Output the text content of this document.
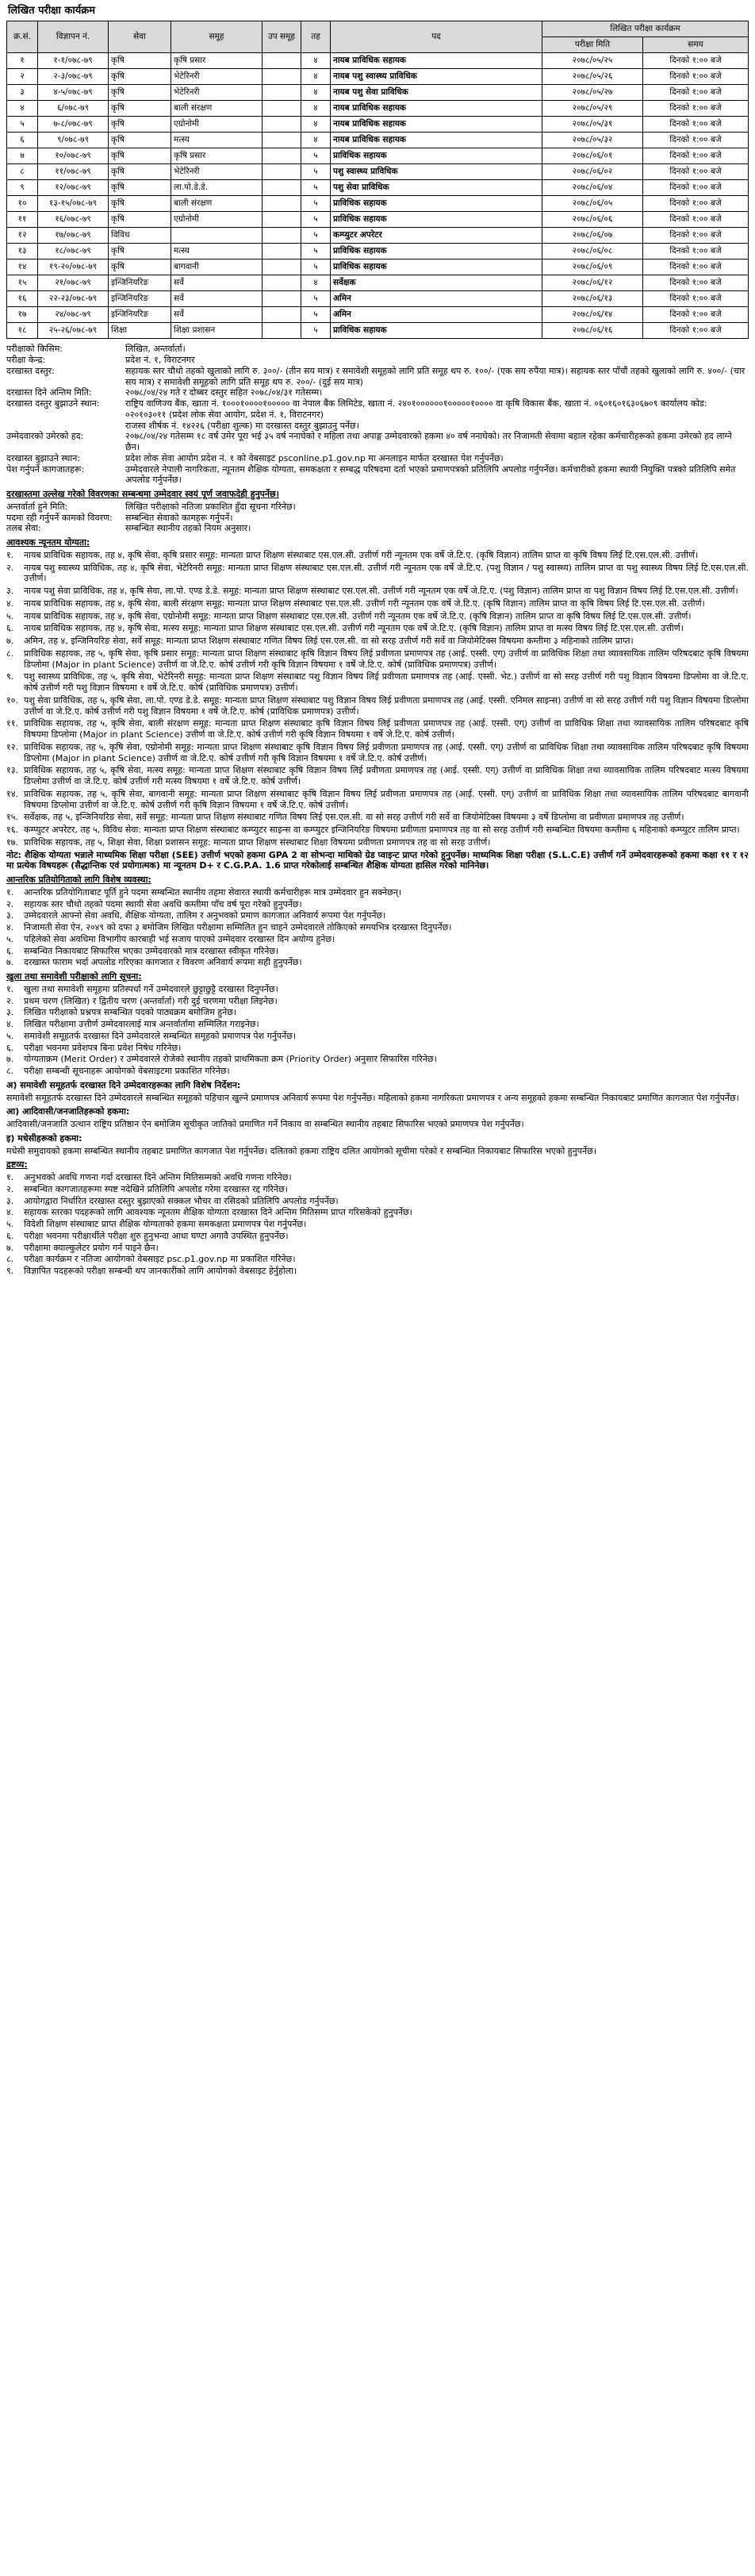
लिखित परीक्षा कार्यक्रम
क्र.सं.	विज्ञापन नं.	सेवा	समूह	उप समूह	तह	पद	लिखित परीक्षा कार्यक्रम	
							परीक्षा मिति	समय
१	१-१/०७८-७९	कृषि	कृषि प्रसार		४	नायब प्राविधिक सहायक	२०७८/०५/२५	दिनको १:०० बजे
२	२-३/०७८-७९	कृषि	भेटेरिनरी		४	नायब पशु स्वास्थ्य प्राविधिक	२०७८/०५/२६	दिनको १:०० बजे
३	४-५/०७८-७९	कृषि	भेटेरिनरी		४	नायब पशु सेवा प्राविधिक	२०७८/०५/२७	दिनको १:०० बजे
४	६/०७८-७९	कृषि	बाली संरक्षण		४	नायब प्राविधिक सहायक	२०७८/०५/२९	दिनको १:०० बजे
५	७-८/०७८-७९	कृषि	एग्रोनोमी		४	नायब प्राविधिक सहायक	२०७८/०५/३१	दिनको १:०० बजे
६	९/०७८-७९	कृषि	मत्स्य		४	नायब प्राविधिक सहायक	२०७८/०५/३२	दिनको १:०० बजे
७	१०/०७८-७९	कृषि	कृषि प्रसार		५	प्राविधिक सहायक	२०७८/०६/०१	दिनको १:०० बजे
८	११/०७८-७९	कृषि	भेटेरिनरी		५	पशु स्वास्थ्य प्राविधिक	२०७८/०६/०२	दिनको १:०० बजे
९	१२/०७८-७९	कृषि	ला.पो.डे.डे.		५	पशु सेवा प्राविधिक	२०७८/०६/०४	दिनको १:०० बजे
१०	१३-१५/०७८-७९	कृषि	बाली संरक्षण		५	प्राविधिक सहायक	२०७८/०६/०५	दिनको १:०० बजे
११	१६/०७८-७९	कृषि	एग्रोनोमी		५	प्राविधिक सहायक	२०७८/०६/०६	दिनको १:०० बजे
१२	१७/०७८-७९	विविध			५	कम्प्युटर अपरेटर	२०७८/०६/०७	दिनको १:०० बजे
१३	१८/०७८-७९	कृषि	मत्स्य		५	प्राविधिक सहायक	२०७८/०६/०८	दिनको १:०० बजे
१४	१९-२०/०७८-७९	कृषि	बागवानी		५	प्राविधिक सहायक	२०७८/०६/०९	दिनको १:०० बजे
१५	२१/०७८-७९	इन्जिनियरिङ	सर्वे		४	सर्वेक्षक	२०७८/०६/१२	दिनको १:०० बजे
१६	२२-२३/०७८-७९	इन्जिनियरिङ	सर्वे		५	अमिन	२०७८/०६/१३	दिनको १:०० बजे
१७	२४/०७८-७९	इन्जिनियरिङ	सर्वे		५	अमिन	२०७८/०६/१४	दिनको १:०० बजे
१८	२५-२६/०७८-७९	शिक्षा	शिक्षा प्रशासन		५	प्राविधिक सहायक	२०७८/०६/१६	दिनको १:०० बजे
परीक्षाको किसिम:	लिखित, अन्तर्वार्ता।
परीक्षा केन्द्र:	प्रदेश नं. १, विराटनगर
दरखास्त दस्तुर:	सहायक स्तर चौथो तहको खुलाको लागि रु. ३००/- (तीन सय मात्र) र समावेशी समूहको लागि प्रति समूह थप रु. १००/- (एक सय रुपैया मात्र)। सहायक स्तर पाँचौं तहको खुलाको लागि रु. ४००/- (चार सय मात्र) र समावेशी समूहको लागि प्रति समूह थप रु. २००/- (दुई सय मात्र)
दरखास्त दिने अन्तिम मिति:	२०७८/०४/२४ गते र दोब्बर दस्तुर सहित २०७८/०४/३१ गतेसम्म।
दरखास्त दस्तुर बुझाउने स्थान:	राष्ट्रिय वाणिज्य बैंक, खाता नं. १०००१००००१००००० वा नेपाल बैंक लिमिटेड, खाता नं. २४०१००००००१०००००१०००० वा कृषि विकास बैंक, खाता नं. ०६०१६०१६३०६७०९ कार्यालय कोड: ०२०१०३०११ (प्रदेश लोक सेवा आयोग, प्रदेश नं. १, विराटनगर)
राजस्व शीर्षक नं. १४२२६ (परीक्षा शुल्क) मा दरखास्त दस्तुर बुझाउनु पर्नेछ।
उम्मेदवारको उमेरको हद:	२०७८/०४/२४ गतेसम्म १८ वर्ष उमेर पूरा भई ३५ वर्ष ननाघेको र महिला तथा अपाङ्ग उम्मेदवारको हकमा ४० वर्ष ननाघेको। तर निजामती सेवामा बहाल रहेका कर्मचारीहरूको हकमा उमेरको हद लाग्ने छैन।
दरखास्त बुझाउने स्थान:	प्रदेश लोक सेवा आयोग प्रदेश नं. १ को वेबसाइट psconline.p1.gov.np मा अनलाइन मार्फत दरखास्त पेश गर्नुपर्नेछ।
पेश गर्नुपर्ने कागजातहरू:	उम्मेदवारले नेपाली नागरिकता, न्यूनतम शैक्षिक योग्यता, समकक्षता र सम्बद्ध परिषदमा दर्ता भएको प्रमाणपत्रको प्रतिलिपि अपलोड गर्नुपर्नेछ। कर्मचारीको हकमा स्थायी नियुक्ति पत्रको प्रतिलिपि समेत अपलोड गर्नुपर्नेछ।
दरखास्तमा उल्लेख गरेको विवरणका सम्बन्धमा उम्मेदवार स्वयं पूर्ण जवाफदेही हुनुपर्नेछ।
अन्तर्वार्ता हुने मिति:	लिखित परीक्षाको नतिजा प्रकाशित हुँदा सूचना गरिनेछ।
पदमा रही गर्नुपर्ने कामको विवरण:	सम्बन्धित सेवाको कामहरू गर्नुपर्ने।
तलब सेवा:	सम्बन्धित स्थानीय तहको नियम अनुसार।
आवश्यक न्यूनतम योग्यता:
१.	नायब प्राविधिक सहायक, तह ४, कृषि सेवा, कृषि प्रसार समूह: मान्यता प्राप्त शिक्षण संस्थाबाट एस.एल.सी. उत्तीर्ण गरी न्यूनतम एक वर्षे जे.टि.ए. (कृषि विज्ञान) तालिम प्राप्त वा कृषि विषय लिई टि.एस.एल.सी. उत्तीर्ण।
२.	नायब पशु स्वास्थ्य प्राविधिक, तह ४, कृषि सेवा, भेटेरिनरी समूह: मान्यता प्राप्त शिक्षण संस्थाबाट एस.एल.सी. उत्तीर्ण गरी न्यूनतम एक वर्षे जे.टि.ए. (पशु विज्ञान / पशु स्वास्थ्य) तालिम प्राप्त वा पशु स्वास्थ्य विषय लिई टि.एस.एल.सी. उत्तीर्ण।
३.	नायब पशु सेवा प्राविधिक, तह ४, कृषि सेवा, ला.पो. एण्ड डे.डे. समूह: मान्यता प्राप्त शिक्षण संस्थाबाट एस.एल.सी. उत्तीर्ण गरी न्यूनतम एक वर्षे जे.टि.ए. (पशु विज्ञान) तालिम प्राप्त वा पशु विज्ञान विषय लिई टि.एस.एल.सी. उत्तीर्ण।
४.	नायब प्राविधिक सहायक, तह ४, कृषि सेवा, बाली संरक्षण समूह: मान्यता प्राप्त शिक्षण संस्थाबाट एस.एल.सी. उत्तीर्ण गरी न्यूनतम एक वर्षे जे.टि.ए. (कृषि विज्ञान) तालिम प्राप्त वा कृषि विषय लिई टि.एस.एल.सी. उत्तीर्ण।
५.	नायब प्राविधिक सहायक, तह ४, कृषि सेवा, एग्रोनोमी समूह: मान्यता प्राप्त शिक्षण संस्थाबाट एस.एल.सी. उत्तीर्ण गरी न्यूनतम एक वर्षे जे.टि.ए. (कृषि विज्ञान) तालिम प्राप्त वा कृषि विषय लिई टि.एस.एल.सी. उत्तीर्ण।
६.	नायब प्राविधिक सहायक, तह ४, कृषि सेवा, मत्स्य समूह: मान्यता प्राप्त शिक्षण संस्थाबाट एस.एल.सी. उत्तीर्ण गरी न्यूनतम एक वर्षे जे.टि.ए. (कृषि विज्ञान) तालिम प्राप्त वा मत्स्य विषय लिई टि.एस.एल.सी. उत्तीर्ण।
७.	अमिन, तह ४, इन्जिनियरिङ सेवा, सर्वे समूह: मान्यता प्राप्त शिक्षण संस्थाबाट गणित विषय लिई एस.एल.सी. वा सो सरह उत्तीर्ण गरी सर्वे वा जियोमेटिक्स विषयमा कम्तीमा ३ महिनाको तालिम प्राप्त।
८.	प्राविधिक सहायक, तह ५, कृषि सेवा, कृषि प्रसार समूह: मान्यता प्राप्त शिक्षण संस्थाबाट कृषि विज्ञान विषय लिई प्रवीणता प्रमाणपत्र तह (आई. एस्सी. एग्) उत्तीर्ण वा प्राविधिक शिक्षा तथा व्यावसायिक तालिम परिषदबाट कृषि विषयमा डिप्लोमा (Major in plant Science) उत्तीर्ण वा जे.टि.ए. कोर्ष उत्तीर्ण गरी कृषि विज्ञान विषयमा १ वर्षे जे.टि.ए. कोर्ष (प्राविधिक प्रमाणपत्र) उत्तीर्ण।
९.	पशु स्वास्थ्य प्राविधिक, तह ५, कृषि सेवा, भेटेरिनरी समूह: मान्यता प्राप्त शिक्षण संस्थाबाट पशु विज्ञान विषय लिई प्रवीणता प्रमाणपत्र तह (आई. एस्सी. भेट.) उत्तीर्ण वा सो सरह उत्तीर्ण गरी पशु विज्ञान विषयमा डिप्लोमा वा जे.टि.ए. कोर्ष उत्तीर्ण गरी पशु विज्ञान विषयमा १ वर्षे जे.टि.ए. कोर्ष (प्राविधिक प्रमाणपत्र) उत्तीर्ण।
१०. पशु सेवा प्राविधिक, तह ५, कृषि सेवा, ला.पो. एण्ड डे.डे. समूह: मान्यता प्राप्त शिक्षण संस्थाबाट पशु विज्ञान विषय लिई प्रवीणता प्रमाणपत्र तह (आई. एस्सी. एनिमल साइन्स) उत्तीर्ण वा सो सरह उत्तीर्ण गरी पशु विज्ञान विषयमा डिप्लोमा उत्तीर्ण वा जे.टि.ए. कोर्ष उत्तीर्ण गरी पशु विज्ञान विषयमा १ वर्षे जे.टि.ए. कोर्ष (प्राविधिक प्रमाणपत्र) उत्तीर्ण।
११. प्राविधिक सहायक, तह ५, कृषि सेवा, बाली संरक्षण समूह: मान्यता प्राप्त शिक्षण संस्थाबाट कृषि विज्ञान विषय लिई प्रवीणता प्रमाणपत्र तह (आई. एस्सी. एग्) उत्तीर्ण वा प्राविधिक शिक्षा तथा व्यावसायिक तालिम परिषदबाट कृषि विषयमा डिप्लोमा (Major in plant Science) उत्तीर्ण वा जे.टि.ए. कोर्ष उत्तीर्ण गरी कृषि विज्ञान विषयमा १ वर्षे जे.टि.ए. कोर्ष उत्तीर्ण।
१२. प्राविधिक सहायक, तह ५, कृषि सेवा, एग्रोनोमी समूह: मान्यता प्राप्त शिक्षण संस्थाबाट कृषि विज्ञान विषय लिई प्रवीणता प्रमाणपत्र तह (आई. एस्सी. एग्) उत्तीर्ण वा प्राविधिक शिक्षा तथा व्यावसायिक तालिम परिषदबाट कृषि विषयमा डिप्लोमा (Major in plant Science) उत्तीर्ण वा जे.टि.ए. कोर्ष उत्तीर्ण गरी कृषि विज्ञान विषयमा १ वर्षे जे.टि.ए. कोर्ष उत्तीर्ण।
१३. प्राविधिक सहायक, तह ५, कृषि सेवा, मत्स्य समूह: मान्यता प्राप्त शिक्षण संस्थाबाट कृषि विज्ञान विषय लिई प्रवीणता प्रमाणपत्र तह (आई. एस्सी. एग्) उत्तीर्ण वा प्राविधिक शिक्षा तथा व्यावसायिक तालिम परिषदबाट मत्स्य विषयमा डिप्लोमा उत्तीर्ण वा जे.टि.ए. कोर्ष उत्तीर्ण गरी मत्स्य विषयमा १ वर्षे जे.टि.ए. कोर्ष उत्तीर्ण।
१४. प्राविधिक सहायक, तह ५, कृषि सेवा, बागवानी समूह: मान्यता प्राप्त शिक्षण संस्थाबाट कृषि विज्ञान विषय लिई प्रवीणता प्रमाणपत्र तह (आई. एस्सी. एग्) उत्तीर्ण वा प्राविधिक शिक्षा तथा व्यावसायिक तालिम परिषदबाट बागवानी विषयमा डिप्लोमा उत्तीर्ण वा जे.टि.ए. कोर्ष उत्तीर्ण गरी कृषि विज्ञान विषयमा १ वर्षे जे.टि.ए. कोर्ष उत्तीर्ण।
१५. सर्वेक्षक, तह ५, इन्जिनियरिङ सेवा, सर्वे समूह: मान्यता प्राप्त शिक्षण संस्थाबाट गणित विषय लिई एस.एल.सी. वा सो सरह उत्तीर्ण गरी सर्वे वा जियोमेटिक्स विषयमा ३ वर्षे डिप्लोमा वा प्रवीणता प्रमाणपत्र तह उत्तीर्ण।
१६. कम्प्युटर अपरेटर, तह ५, विविध सेवा: मान्यता प्राप्त शिक्षण संस्थाबाट कम्प्युटर साइन्स वा कम्प्युटर इन्जिनियरिङ विषयमा प्रवीणता प्रमाणपत्र तह वा सो सरह उत्तीर्ण गरी सम्बन्धित विषयमा कम्तीमा ६ महिनाको कम्प्युटर तालिम प्राप्त।
१७. प्राविधिक सहायक, तह ५, शिक्षा सेवा, शिक्षा प्रशासन समूह: मान्यता प्राप्त शिक्षण संस्थाबाट शिक्षा विषयमा प्रवीणता प्रमाणपत्र तह वा सो सरह उत्तीर्ण।
नोट: शैक्षिक योग्यता भन्नाले माध्यमिक शिक्षा परीक्षा (SEE) उत्तीर्ण भएको हकमा GPA 2 वा सोभन्दा माथिको ग्रेड प्वाइन्ट प्राप्त गरेको हुनुपर्नेछ। माध्यमिक शिक्षा परीक्षा (S.L.C.E) उत्तीर्ण गर्ने उम्मेदवारहरूको हकमा कक्षा ११ र १२ मा प्रत्येक विषयहरू (सैद्धान्तिक एवं प्रयोगात्मक) मा न्यूनतम D+ र C.G.P.A. 1.6 प्राप्त गरेकोलाई सम्बन्धित शैक्षिक योग्यता हासिल गरेको मानिनेछ।
आन्तरिक प्रतियोगिताको लागि विशेष व्यवस्था:
१.	आन्तरिक प्रतियोगिताबाट पूर्ति हुने पदमा सम्बन्धित स्थानीय तहमा सेवारत स्थायी कर्मचारीहरू मात्र उम्मेदवार हुन सक्नेछन्।
२.	सहायक स्तर चौथो तहको पदमा स्थायी सेवा अवधि कम्तीमा पाँच वर्ष पूरा गरेको हुनुपर्नेछ।
३.	उम्मेदवारले आफ्नो सेवा अवधि, शैक्षिक योग्यता, तालिम र अनुभवको प्रमाण कागजात अनिवार्य रूपमा पेश गर्नुपर्नेछ।
४.	निजामती सेवा ऐन, २०४९ को दफा ३ बमोजिम लिखित परीक्षामा सम्मिलित हुन चाहने उम्मेदवारले तोकिएको समयभित्र दरखास्त दिनुपर्नेछ।
५.	पहिलेको सेवा अवधिमा विभागीय कारबाही भई सजाय पाएको उम्मेदवार दरखास्त दिन अयोग्य हुनेछ।
६.	सम्बन्धित निकायबाट सिफारिस भएका उम्मेदवारको मात्र दरखास्त स्वीकृत गरिनेछ।
७.	दरखास्त फाराम भर्दा अपलोड गरिएका कागजात र विवरण अनिवार्य रूपमा सही हुनुपर्नेछ।
खुला तथा समावेशी परीक्षाको लागि सूचना:
१.	खुला तथा समावेशी समूहमा प्रतिस्पर्धा गर्ने उम्मेदवारले छुट्टाछुट्टै दरखास्त दिनुपर्नेछ।
२.	प्रथम चरण (लिखित) र द्वितीय चरण (अन्तर्वार्ता) गरी दुई चरणमा परीक्षा लिइनेछ।
३.	लिखित परीक्षाको प्रश्नपत्र सम्बन्धित पदको पाठ्यक्रम बमोजिम हुनेछ।
४.	लिखित परीक्षामा उत्तीर्ण उम्मेदवारलाई मात्र अन्तर्वार्तामा सम्मिलित गराइनेछ।
५.	समावेशी समूहतर्फ दरखास्त दिने उम्मेदवारले सम्बन्धित समूहको प्रमाणपत्र पेश गर्नुपर्नेछ।
६.	परीक्षा भवनमा प्रवेशपत्र बिना प्रवेश निषेध गरिनेछ।
७.	योग्यताक्रम (Merit Order) र उम्मेदवारले रोजेको स्थानीय तहको प्राथमिकता क्रम (Priority Order) अनुसार सिफारिस गरिनेछ।
८.	परीक्षा सम्बन्धी सूचनाहरू आयोगको वेबसाइटमा प्रकाशित गरिनेछ।
अ) समावेशी समूहतर्फ दरखास्त दिने उम्मेदवारहरूका लागि विशेष निर्देशन:
समावेशी समूहतर्फ दरखास्त दिने उम्मेदवारले सम्बन्धित समूहको पहिचान खुल्ने प्रमाणपत्र अनिवार्य रूपमा पेश गर्नुपर्नेछ। महिलाको हकमा नागरिकता प्रमाणपत्र र अन्य समूहको हकमा सम्बन्धित निकायबाट प्रमाणित कागजात पेश गर्नुपर्नेछ।
आ) आदिवासी/जनजातिहरूको हकमा:
आदिवासी/जनजाति उत्थान राष्ट्रिय प्रतिष्ठान ऐन बमोजिम सूचीकृत जातिको प्रमाणित गर्ने निकाय वा सम्बन्धित स्थानीय तहबाट सिफारिस भएको प्रमाणपत्र पेश गर्नुपर्नेछ।
इ) मधेसीहरूको हकमा:
मधेसी समुदायको हकमा सम्बन्धित स्थानीय तहबाट प्रमाणित कागजात पेश गर्नुपर्नेछ। दलितको हकमा राष्ट्रिय दलित आयोगको सूचीमा परेको र सम्बन्धित निकायबाट सिफारिस भएको हुनुपर्नेछ।
द्रष्टव्य:
१.	अनुभवको अवधि गणना गर्दा दरखास्त दिने अन्तिम मितिसम्मको अवधि गणना गरिनेछ।
२.	सम्बन्धित कागजातहरूमा स्पष्ट नदेखिने प्रतिलिपि अपलोड गरेमा दरखास्त रद्द गरिनेछ।
३.	आयोगद्वारा निर्धारित दरखास्त दस्तुर बुझाएको सक्कल भौचर वा रसिदको प्रतिलिपि अपलोड गर्नुपर्नेछ।
४.	सहायक स्तरका पदहरूको लागि आवश्यक न्यूनतम शैक्षिक योग्यता दरखास्त दिने अन्तिम मितिसम्म प्राप्त गरिसकेको हुनुपर्नेछ।
५.	विदेशी शिक्षण संस्थाबाट प्राप्त शैक्षिक योग्यताको हकमा समकक्षता प्रमाणपत्र पेश गर्नुपर्नेछ।
६.	परीक्षा भवनमा परीक्षार्थीले परीक्षा शुरु हुनुभन्दा आधा घण्टा अगावै उपस्थित हुनुपर्नेछ।
७.	परीक्षामा क्याल्कुलेटर प्रयोग गर्न पाइने छैन।
८.	परीक्षा कार्यक्रम र नतिजा आयोगको वेबसाइट psc.p1.gov.np मा प्रकाशित गरिनेछ।
९.	विज्ञापित पदहरूको परीक्षा सम्बन्धी थप जानकारीको लागि आयोगको वेबसाइट हेर्नुहोला।
